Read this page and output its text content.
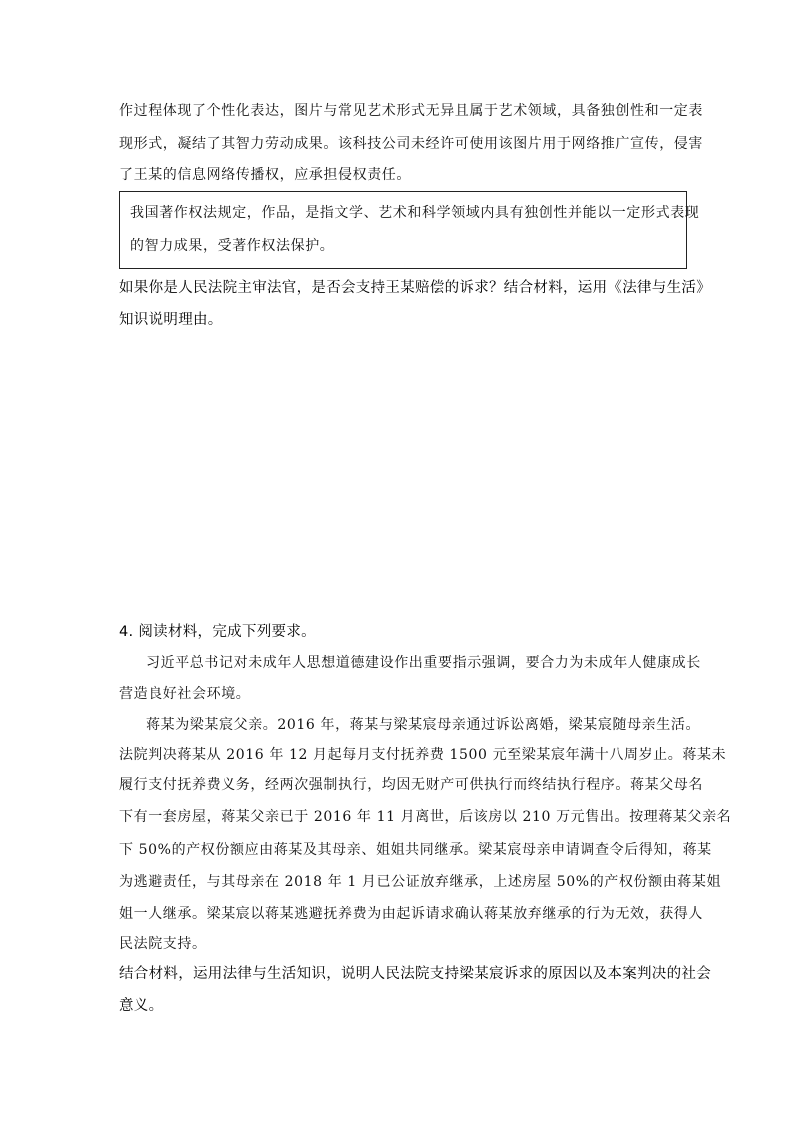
作过程体现了个性化表达，图片与常见艺术形式无异且属于艺术领域，具备独创性和一定表
现形式，凝结了其智力劳动成果。该科技公司未经许可使用该图片用于网络推广宣传，侵害
了王某的信息网络传播权，应承担侵权责任。
我国著作权法规定，作品，是指文学、艺术和科学领域内具有独创性并能以一定形式表现
的智力成果，受著作权法保护。
如果你是人民法院主审法官，是否会支持王某赔偿的诉求？结合材料，运用《法律与生活》
知识说明理由。
4. 阅读材料，完成下列要求。
习近平总书记对未成年人思想道德建设作出重要指示强调，要合力为未成年人健康成长
营造良好社会环境。
蒋某为梁某宸父亲。2016 年，蒋某与梁某宸母亲通过诉讼离婚，梁某宸随母亲生活。
法院判决蒋某从 2016 年 12 月起每月支付抚养费 1500 元至梁某宸年满十八周岁止。蒋某未
履行支付抚养费义务，经两次强制执行，均因无财产可供执行而终结执行程序。蒋某父母名
下有一套房屋，蒋某父亲已于 2016 年 11 月离世，后该房以 210 万元售出。按理蒋某父亲名
下 50%的产权份额应由蒋某及其母亲、姐姐共同继承。梁某宸母亲申请调查令后得知，蒋某
为逃避责任，与其母亲在 2018 年 1 月已公证放弃继承，上述房屋 50%的产权份额由蒋某姐
姐一人继承。梁某宸以蒋某逃避抚养费为由起诉请求确认蒋某放弃继承的行为无效，获得人
民法院支持。
结合材料，运用法律与生活知识，说明人民法院支持梁某宸诉求的原因以及本案判决的社会
意义。
